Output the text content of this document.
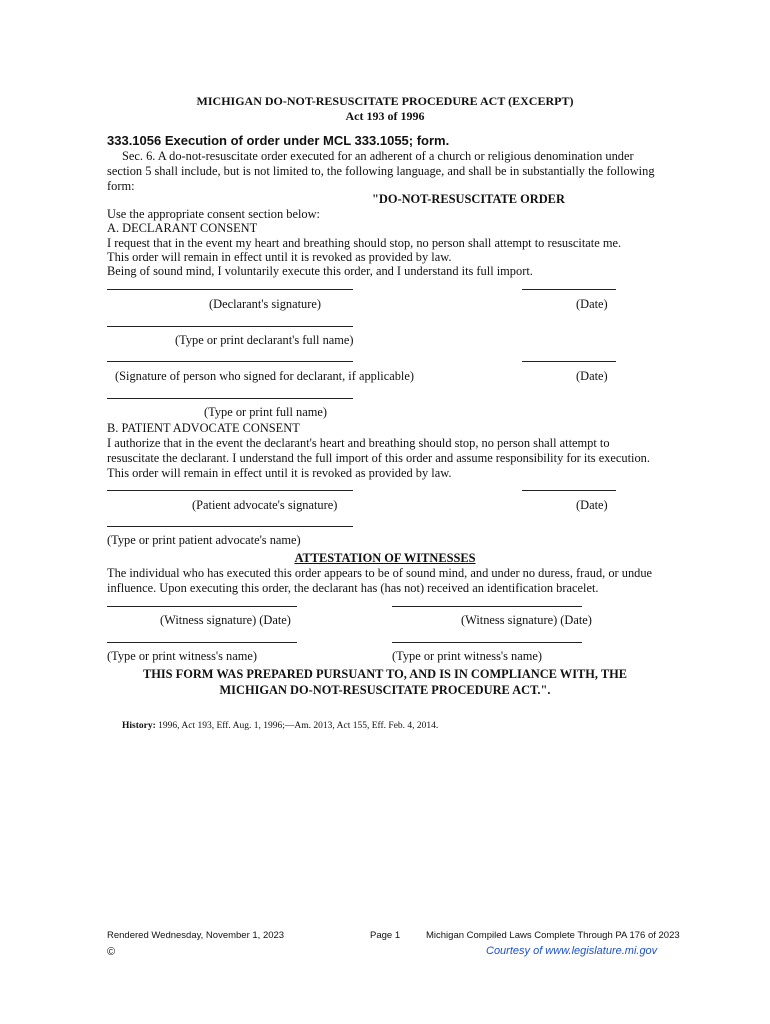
MICHIGAN DO-NOT-RESUSCITATE PROCEDURE ACT (EXCERPT)
Act 193 of 1996
333.1056 Execution of order under MCL 333.1055; form.
Sec. 6. A do-not-resuscitate order executed for an adherent of a church or religious denomination under
section 5 shall include, but is not limited to, the following language, and shall be in substantially the following
form:
"DO-NOT-RESUSCITATE ORDER
Use the appropriate consent section below:
A. DECLARANT CONSENT
I request that in the event my heart and breathing should stop, no person shall attempt to resuscitate me.
This order will remain in effect until it is revoked as provided by law.
Being of sound mind, I voluntarily execute this order, and I understand its full import.
(Declarant's signature)	(Date)
(Type or print declarant's full name)
(Signature of person who signed for declarant, if applicable)	(Date)
(Type or print full name)
B. PATIENT ADVOCATE CONSENT
I authorize that in the event the declarant's heart and breathing should stop, no person shall attempt to
resuscitate the declarant. I understand the full import of this order and assume responsibility for its execution.
This order will remain in effect until it is revoked as provided by law.
(Patient advocate's signature)	(Date)
(Type or print patient advocate's name)
ATTESTATION OF WITNESSES
The individual who has executed this order appears to be of sound mind, and under no duress, fraud, or undue
influence. Upon executing this order, the declarant has (has not) received an identification bracelet.
(Witness signature) (Date)	(Witness signature) (Date)
(Type or print witness's name)	(Type or print witness's name)
THIS FORM WAS PREPARED PURSUANT TO, AND IS IN COMPLIANCE WITH, THE
MICHIGAN DO-NOT-RESUSCITATE PROCEDURE ACT.".
History: 1996, Act 193, Eff. Aug. 1, 1996;—Am. 2013, Act 155, Eff. Feb. 4, 2014.
Rendered Wednesday, November 1, 2023	Page 1	Michigan Compiled Laws Complete Through PA 176 of 2023
©	Courtesy of www.legislature.mi.gov
